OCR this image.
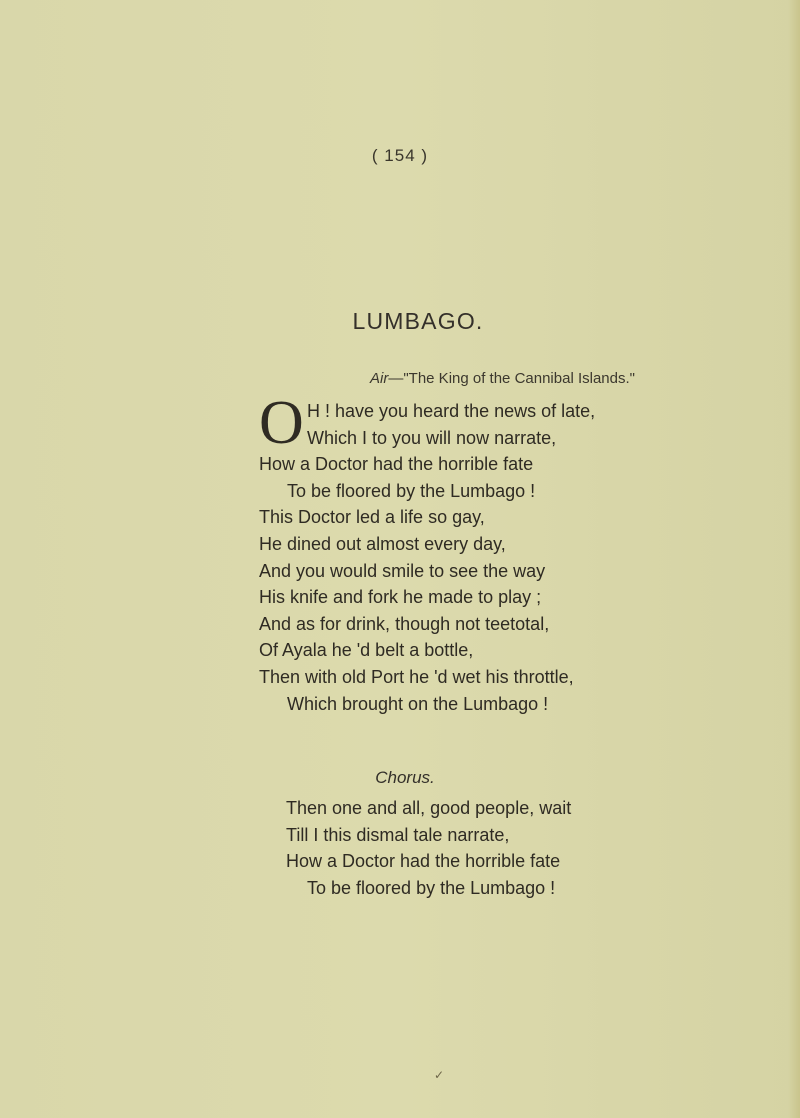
( 154 )
LUMBAGO.
Air—"The King of the Cannibal Islands."
O H ! have you heard the news of late,
Which I to you will now narrate,
How a Doctor had the horrible fate
To be floored by the Lumbago !
This Doctor led a life so gay,
He dined out almost every day,
And you would smile to see the way
His knife and fork he made to play ;
And as for drink, though not teetotal,
Of Ayala he 'd belt a bottle,
Then with old Port he 'd wet his throttle,
Which brought on the Lumbago !
Chorus.
Then one and all, good people, wait
Till I this dismal tale narrate,
How a Doctor had the horrible fate
To be floored by the Lumbago !
✓
